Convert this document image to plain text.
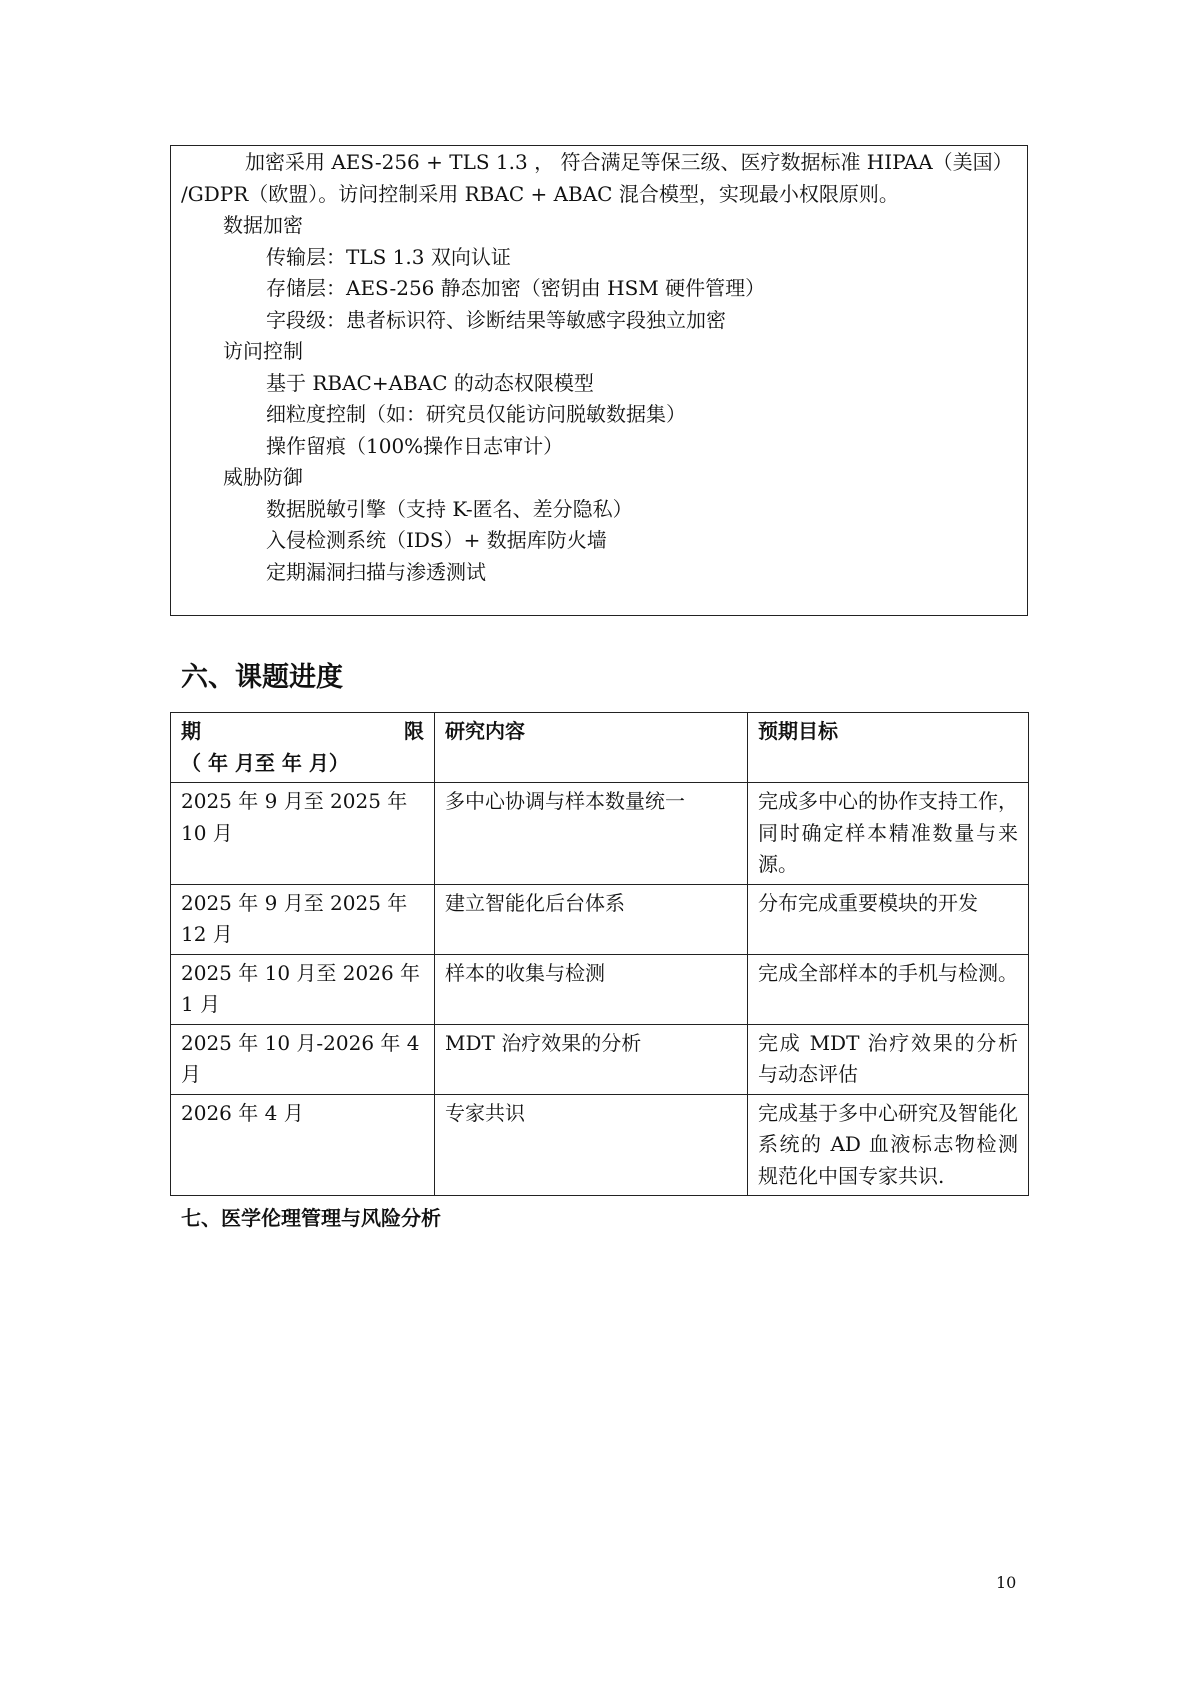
加密采用 AES-256 + TLS 1.3 ， 符合满足等保三级、医疗数据标准 HIPAA（美国）
/GDPR（欧盟）。访问控制采用 RBAC + ABAC 混合模型，实现最小权限原则。
数据加密
传输层：TLS 1.3 双向认证
存储层：AES-256 静态加密（密钥由 HSM 硬件管理）
字段级：患者标识符、诊断结果等敏感字段独立加密
访问控制
基于 RBAC+ABAC 的动态权限模型
细粒度控制（如：研究员仅能访问脱敏数据集）
操作留痕（100%操作日志审计）
威胁防御
数据脱敏引擎（支持 K-匿名、差分隐私）
入侵检测系统（IDS）+ 数据库防火墙
定期漏洞扫描与渗透测试
六、课题进度
期 限
（ 年 月至 年 月）	研究内容	预期目标
2025 年 9 月至 2025 年 10 月	多中心协调与样本数量统一	完成多中心的协作支持工作，同时确定样本精准数量与来源。
2025 年 9 月至 2025 年 12 月	建立智能化后台体系	分布完成重要模块的开发
2025 年 10 月至 2026 年 1 月	样本的收集与检测	完成全部样本的手机与检测。
2025 年 10 月-2026 年 4 月	MDT 治疗效果的分析	完成 MDT 治疗效果的分析与动态评估
2026 年 4 月	专家共识	完成基于多中心研究及智能化系统的 AD 血液标志物检测规范化中国专家共识.
七、医学伦理管理与风险分析
10
